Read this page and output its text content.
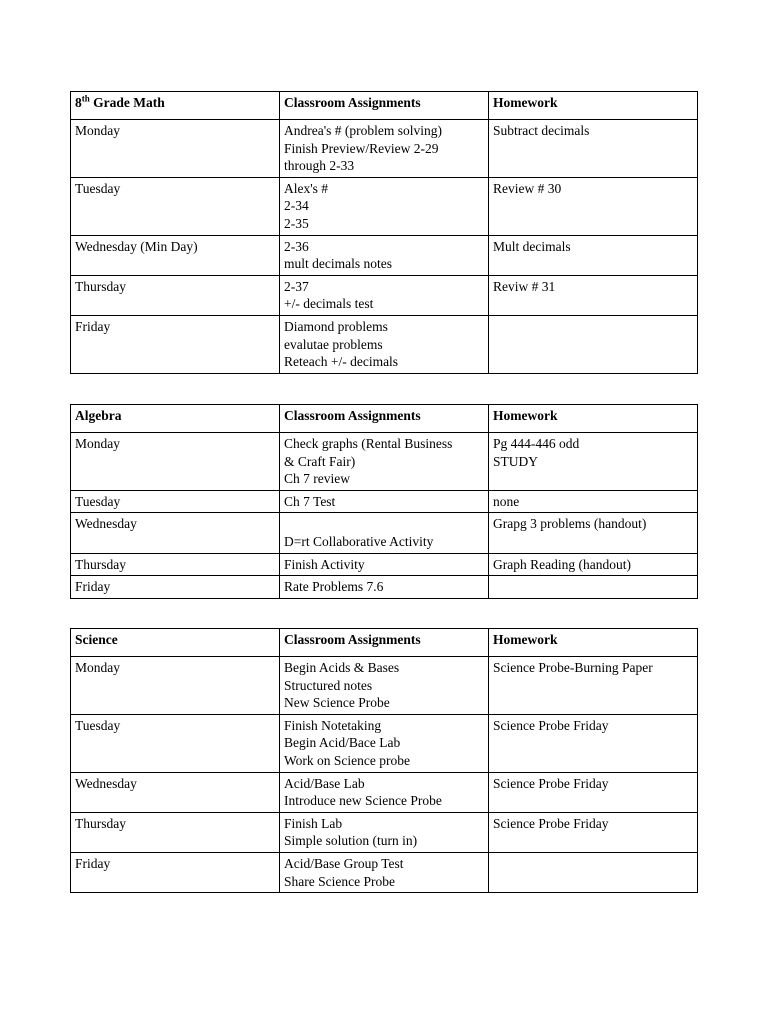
8th Grade Math	Classroom Assignments	Homework
Monday	Andrea's # (problem solving)
Finish Preview/Review 2-29
through 2-33	Subtract decimals

Tuesday	Alex's #
2-34
2-35	Review # 30

Wednesday (Min Day)	2-36
mult decimals notes	Mult decimals

Thursday	2-37
+/- decimals test	Reviw # 31

Friday	Diamond problems
evalutae problems
Reteach +/- decimals	

Algebra	Classroom Assignments	Homework
Monday	Check graphs (Rental Business
& Craft Fair)
Ch 7 review	Pg 444-446 odd
STUDY

Tuesday	Ch 7 Test	none

Wednesday	D=rt Collaborative Activity	Grapg 3 problems (handout)

Thursday	Finish Activity	Graph Reading (handout)

Friday	Rate Problems 7.6	

Science	Classroom Assignments	Homework
Monday	Begin Acids & Bases
Structured notes
New Science Probe	Science Probe-Burning Paper

Tuesday	Finish Notetaking
Begin Acid/Bace Lab
Work on Science probe	Science Probe Friday

Wednesday	Acid/Base Lab
Introduce new Science Probe	Science Probe Friday

Thursday	Finish Lab
Simple solution (turn in)	Science Probe Friday

Friday	Acid/Base Group Test
Share Science Probe	
